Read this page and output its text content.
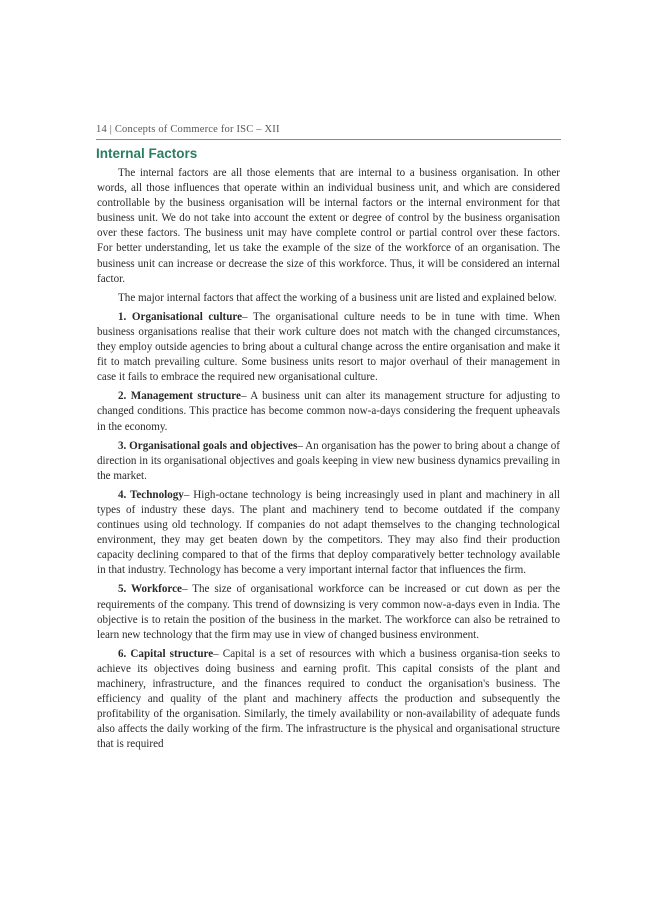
14 | Concepts of Commerce for ISC – XII
Internal Factors

The internal factors are all those elements that are internal to a business organisation. In other words, all those influences that operate within an individual business unit, and which are considered controllable by the business organisation will be internal factors or the internal environment for that business unit. We do not take into account the extent or degree of control by the business organisation over these factors. The business unit may have complete control or partial control over these factors. For better understanding, let us take the example of the size of the workforce of an organisation. The business unit can increase or decrease the size of this workforce. Thus, it will be considered an internal factor.

The major internal factors that affect the working of a business unit are listed and explained below.

1. Organisational culture– The organisational culture needs to be in tune with time. When business organisations realise that their work culture does not match with the changed circumstances, they employ outside agencies to bring about a cultural change across the entire organisation and make it fit to match prevailing culture. Some business units resort to major overhaul of their management in case it fails to embrace the required new organisational culture.

2. Management structure– A business unit can alter its management structure for adjusting to changed conditions. This practice has become common now-a-days considering the frequent upheavals in the economy.

3. Organisational goals and objectives– An organisation has the power to bring about a change of direction in its organisational objectives and goals keeping in view new business dynamics prevailing in the market.

4. Technology– High-octane technology is being increasingly used in plant and machinery in all types of industry these days. The plant and machinery tend to become outdated if the company continues using old technology. If companies do not adapt themselves to the changing technological environment, they may get beaten down by the competitors. They may also find their production capacity declining compared to that of the firms that deploy comparatively better technology available in that industry. Technology has become a very important internal factor that influences the firm.

5. Workforce– The size of organisational workforce can be increased or cut down as per the requirements of the company. This trend of downsizing is very common now-a-days even in India. The objective is to retain the position of the business in the market. The workforce can also be retrained to learn new technology that the firm may use in view of changed business environment.

6. Capital structure– Capital is a set of resources with which a business organisa-tion seeks to achieve its objectives doing business and earning profit. This capital consists of the plant and machinery, infrastructure, and the finances required to conduct the organisation's business. The efficiency and quality of the plant and machinery affects the production and subsequently the profitability of the organisation. Similarly, the timely availability or non-availability of adequate funds also affects the daily working of the firm. The infrastructure is the physical and organisational structure that is required
